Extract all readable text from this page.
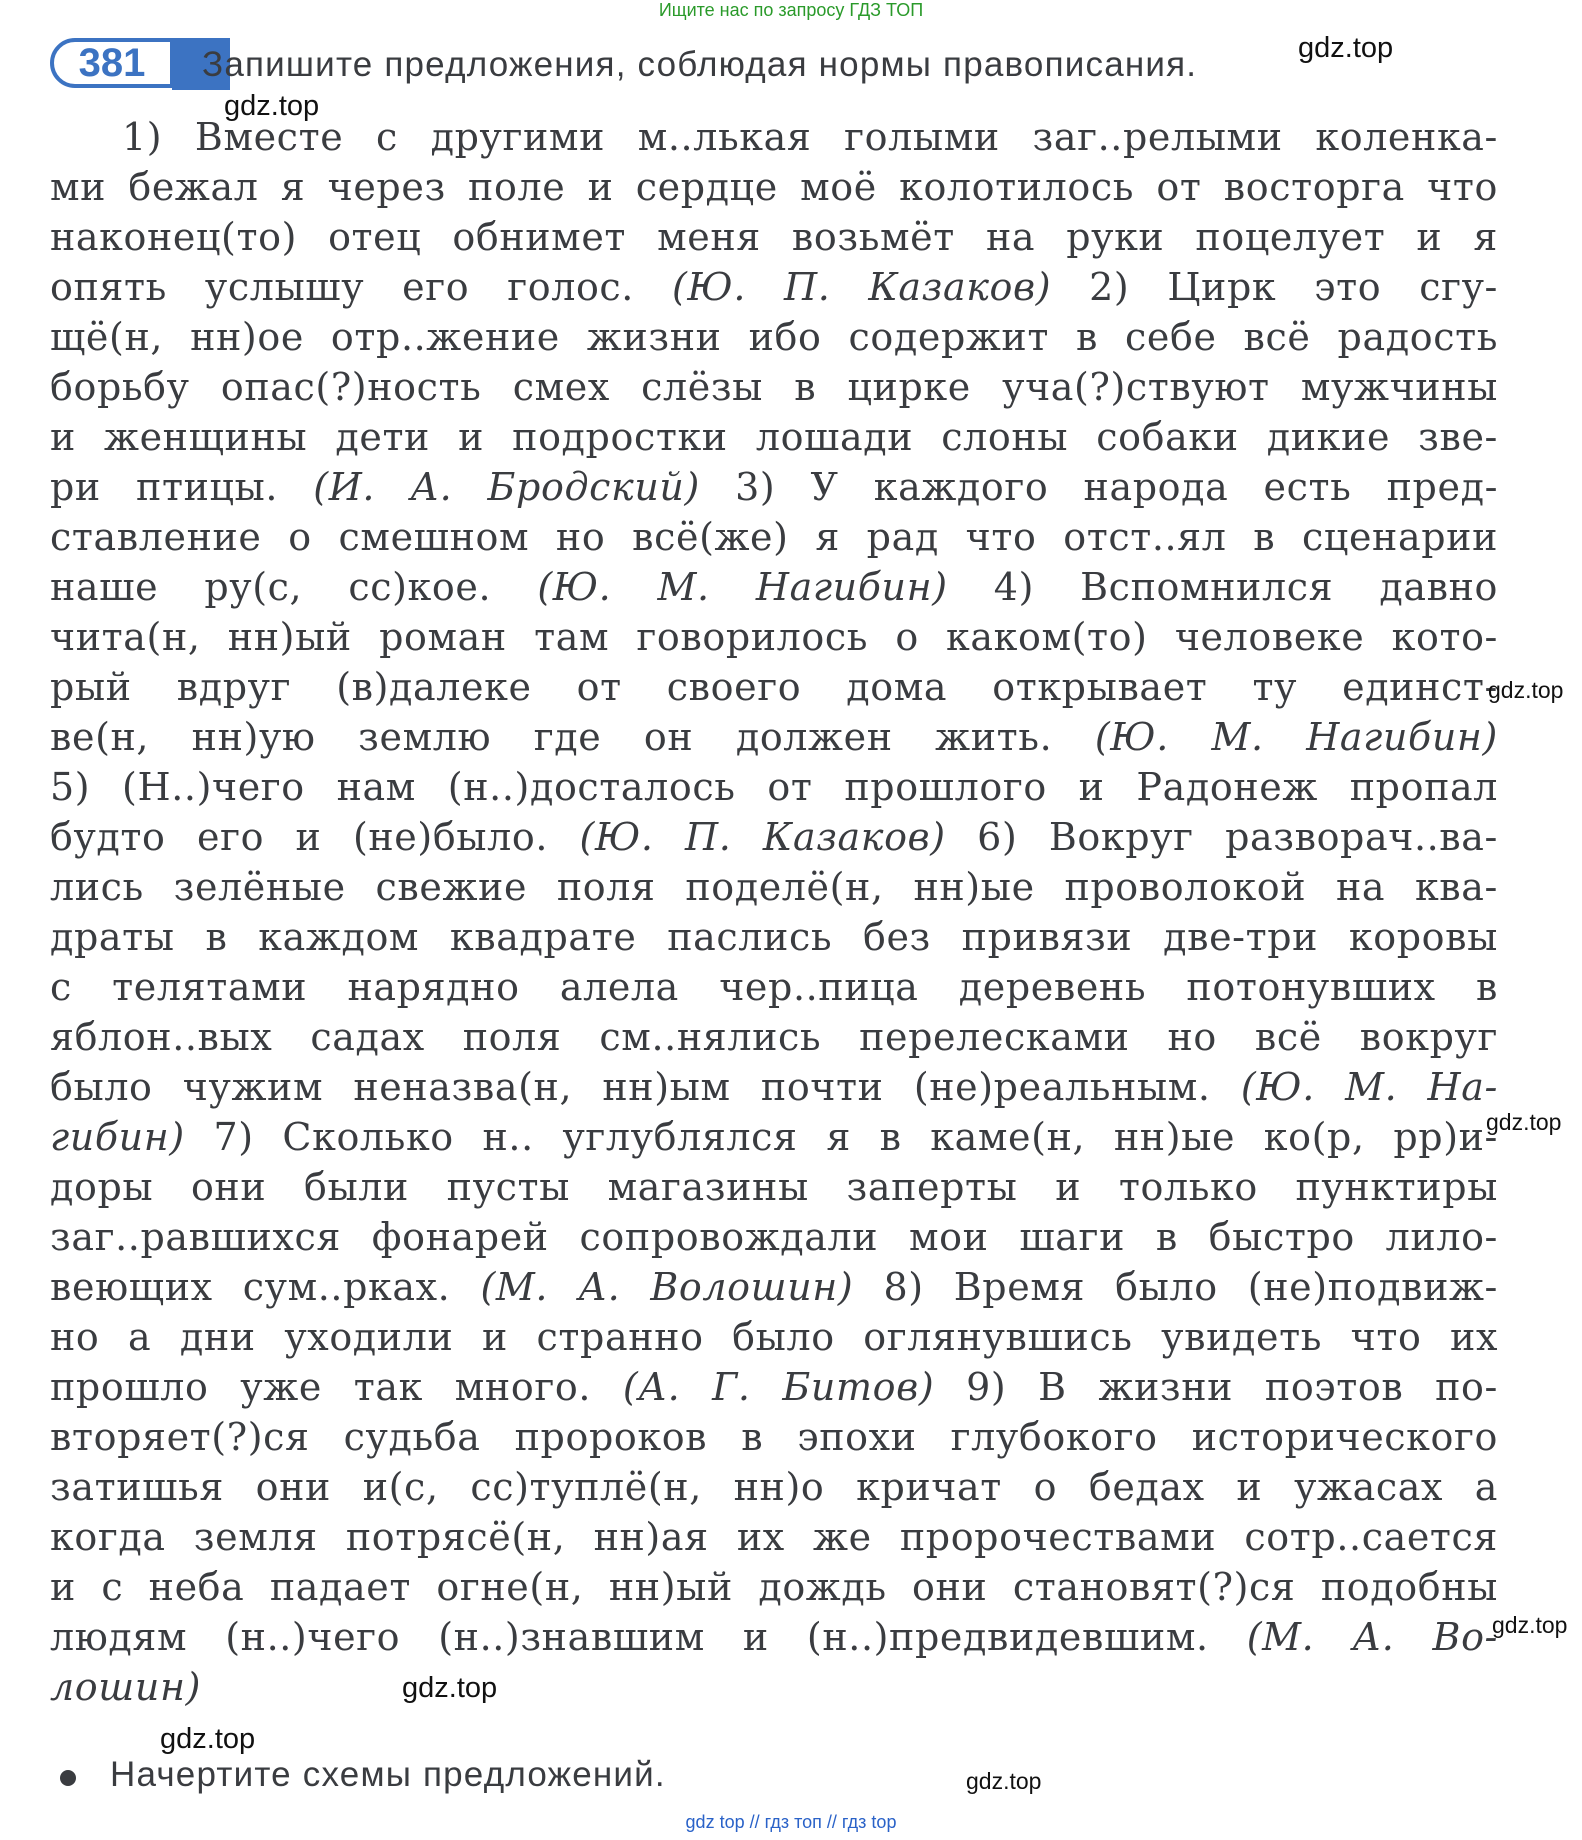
Ищите нас по запросу ГДЗ ТОП
381	Запишите предложения, соблюдая нормы правописания.
1) Вместе с другими м..лькая голыми заг..релыми коленка-
ми бежал я через поле и сердце моё колотилось от восторга что
наконец(то) отец обнимет меня возьмёт на руки поцелует и я
опять услышу его голос. (Ю. П. Казаков) 2) Цирк это сгу-
щё(н, нн)ое отр..жение жизни ибо содержит в себе всё радость
борьбу опас(?)ность смех слёзы в цирке уча(?)ствуют мужчины
и женщины дети и подростки лошади слоны собаки дикие зве-
ри птицы. (И. А. Бродский) 3) У каждого народа есть пред-
ставление о смешном но всё(же) я рад что отст..ял в сценарии
наше ру(с, сс)кое. (Ю. М. Нагибин) 4) Вспомнился давно
чита(н, нн)ый роман там говорилось о каком(то) человеке кото-
рый вдруг (в)далеке от своего дома открывает ту единст-
ве(н, нн)ую землю где он должен жить. (Ю. М. Нагибин)
5) (Н..)чего нам (н..)досталось от прошлого и Радонеж пропал
будто его и (не)было. (Ю. П. Казаков) 6) Вокруг разворач..ва-
лись зелёные свежие поля поделё(н, нн)ые проволокой на ква-
драты в каждом квадрате паслись без привязи две-три коровы
с телятами нарядно алела чер..пица деревень потонувших в
яблон..вых садах поля см..нялись перелесками но всё вокруг
было чужим неназва(н, нн)ым почти (не)реальным. (Ю. М. На-
гибин) 7) Сколько н.. углублялся я в каме(н, нн)ые ко(р, рр)и-
доры они были пусты магазины заперты и только пунктиры
заг..равшихся фонарей сопровождали мои шаги в быстро лило-
веющих сум..рках. (М. А. Волошин) 8) Время было (не)подвиж-
но а дни уходили и странно было оглянувшись увидеть что их
прошло уже так много. (А. Г. Битов) 9) В жизни поэтов по-
вторяет(?)ся судьба пророков в эпохи глубокого исторического
затишья они и(с, сс)туплё(н, нн)о кричат о бедах и ужасах а
когда земля потрясё(н, нн)ая их же пророчествами сотр..сается
и с неба падает огне(н, нн)ый дождь они становят(?)ся подобны
людям (н..)чего (н..)знавшим и (н..)предвидевшим. (М. А. Во-
лошин)
gdz.top
gdz.top
gdz.top
gdz.top
gdz.top
gdz.top
gdz.top
gdz.top
Начертите схемы предложений.
gdz top // гдз топ // гдз top
